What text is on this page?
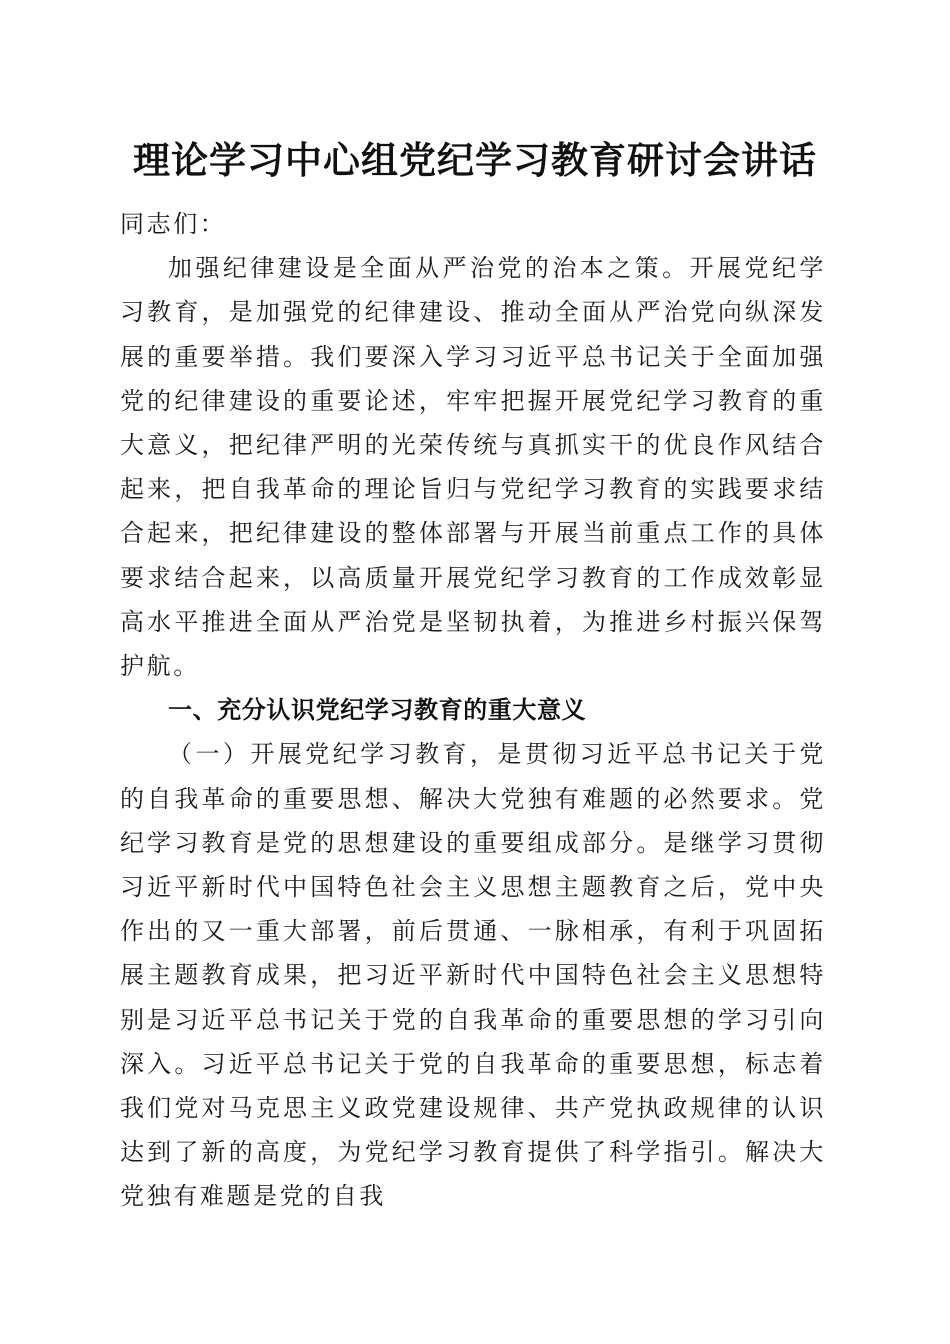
理论学习中心组党纪学习教育研讨会讲话

同志们：

加强纪律建设是全面从严治党的治本之策。开展党纪学习教育，是加强党的纪律建设、推动全面从严治党向纵深发展的重要举措。我们要深入学习习近平总书记关于全面加强党的纪律建设的重要论述，牢牢把握开展党纪学习教育的重大意义，把纪律严明的光荣传统与真抓实干的优良作风结合起来，把自我革命的理论旨归与党纪学习教育的实践要求结合起来，把纪律建设的整体部署与开展当前重点工作的具体要求结合起来，以高质量开展党纪学习教育的工作成效彰显高水平推进全面从严治党是坚韧执着，为推进乡村振兴保驾护航。

一、充分认识党纪学习教育的重大意义

（一）开展党纪学习教育，是贯彻习近平总书记关于党的自我革命的重要思想、解决大党独有难题的必然要求。党纪学习教育是党的思想建设的重要组成部分。是继学习贯彻习近平新时代中国特色社会主义思想主题教育之后，党中央作出的又一重大部署，前后贯通、一脉相承，有利于巩固拓展主题教育成果，把习近平新时代中国特色社会主义思想特别是习近平总书记关于党的自我革命的重要思想的学习引向深入。习近平总书记关于党的自我革命的重要思想，标志着我们党对马克思主义政党建设规律、共产党执政规律的认识达到了新的高度，为党纪学习教育提供了科学指引。解决大党独有难题是党的自我
